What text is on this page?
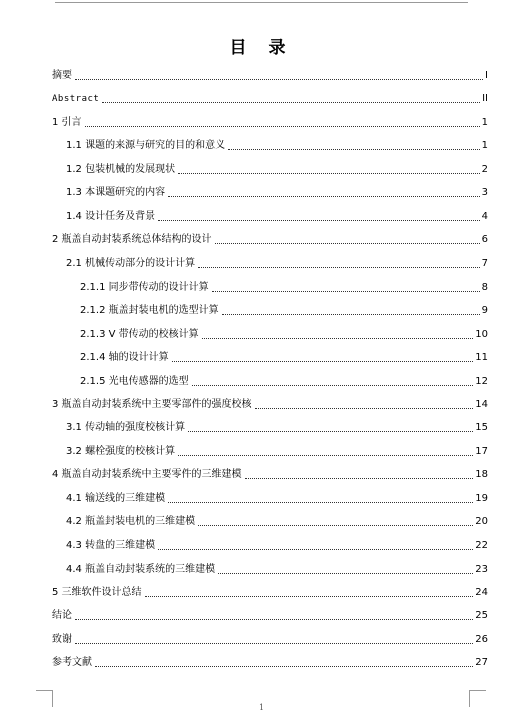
目 录
摘要	I
Abstract	II
1 引言	1
1.1 课题的来源与研究的目的和意义	1
1.2 包装机械的发展现状	2
1.3 本课题研究的内容	3
1.4 设计任务及背景	4
2 瓶盖自动封装系统总体结构的设计	6
2.1 机械传动部分的设计计算	7
2.1.1 同步带传动的设计计算	8
2.1.2 瓶盖封装电机的选型计算	9
2.1.3 V 带传动的校核计算	10
2.1.4 轴的设计计算	11
2.1.5 光电传感器的选型	12
3 瓶盖自动封装系统中主要零部件的强度校核	14
3.1 传动轴的强度校核计算	15
3.2 螺栓强度的校核计算	17
4 瓶盖自动封装系统中主要零件的三维建模	18
4.1 输送线的三维建模	19
4.2 瓶盖封装电机的三维建模	20
4.3 转盘的三维建模	22
4.4 瓶盖自动封装系统的三维建模	23
5 三维软件设计总结	24
结论	25
致谢	26
参考文献	27
1
